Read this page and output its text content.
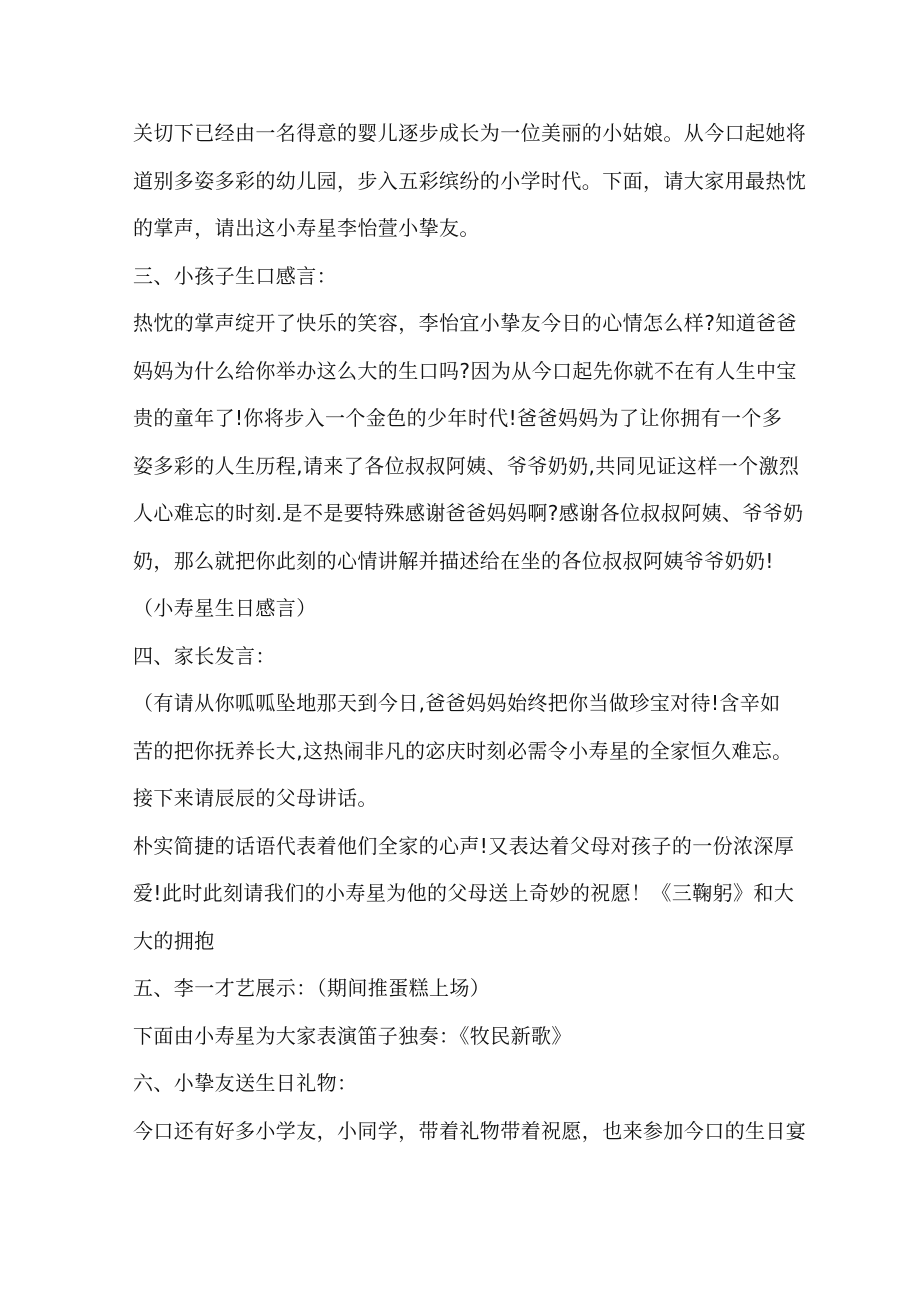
关切下已经由一名得意的婴儿逐步成长为一位美丽的小姑娘。从今口起她将
道别多姿多彩的幼儿园，步入五彩缤纷的小学时代。下面，请大家用最热忱
的掌声，请出这小寿星李怡萱小挚友。
三、小孩子生口感言：
热忱的掌声绽开了快乐的笑容，李怡宜小挚友今日的心情怎么样?知道爸爸
妈妈为什么给你举办这么大的生口吗?因为从今口起先你就不在有人生中宝
贵的童年了!你将步入一个金色的少年时代!爸爸妈妈为了让你拥有一个多
姿多彩的人生历程,请来了各位叔叔阿姨、爷爷奶奶,共同见证这样一个激烈
人心难忘的时刻.是不是要特殊感谢爸爸妈妈啊?感谢各位叔叔阿姨、爷爷奶
奶，那么就把你此刻的心情讲解并描述给在坐的各位叔叔阿姨爷爷奶奶!
（小寿星生日感言）
四、家长发言：
（有请从你呱呱坠地那天到今日,爸爸妈妈始终把你当做珍宝对待!含辛如
苦的把你抚养长大,这热闹非凡的宓庆时刻必需令小寿星的全家恒久难忘。
接下来请辰辰的父母讲话。
朴实简捷的话语代表着他们全家的心声!又表达着父母对孩子的一份浓深厚
爱!此时此刻请我们的小寿星为他的父母送上奇妙的祝愿！《三鞠躬》和大
大的拥抱
五、李一才艺展示：（期间推蛋糕上场）
下面由小寿星为大家表演笛子独奏：《牧民新歌》
六、小挚友送生日礼物：
今口还有好多小学友，小同学，带着礼物带着祝愿，也来参加今口的生日宴
